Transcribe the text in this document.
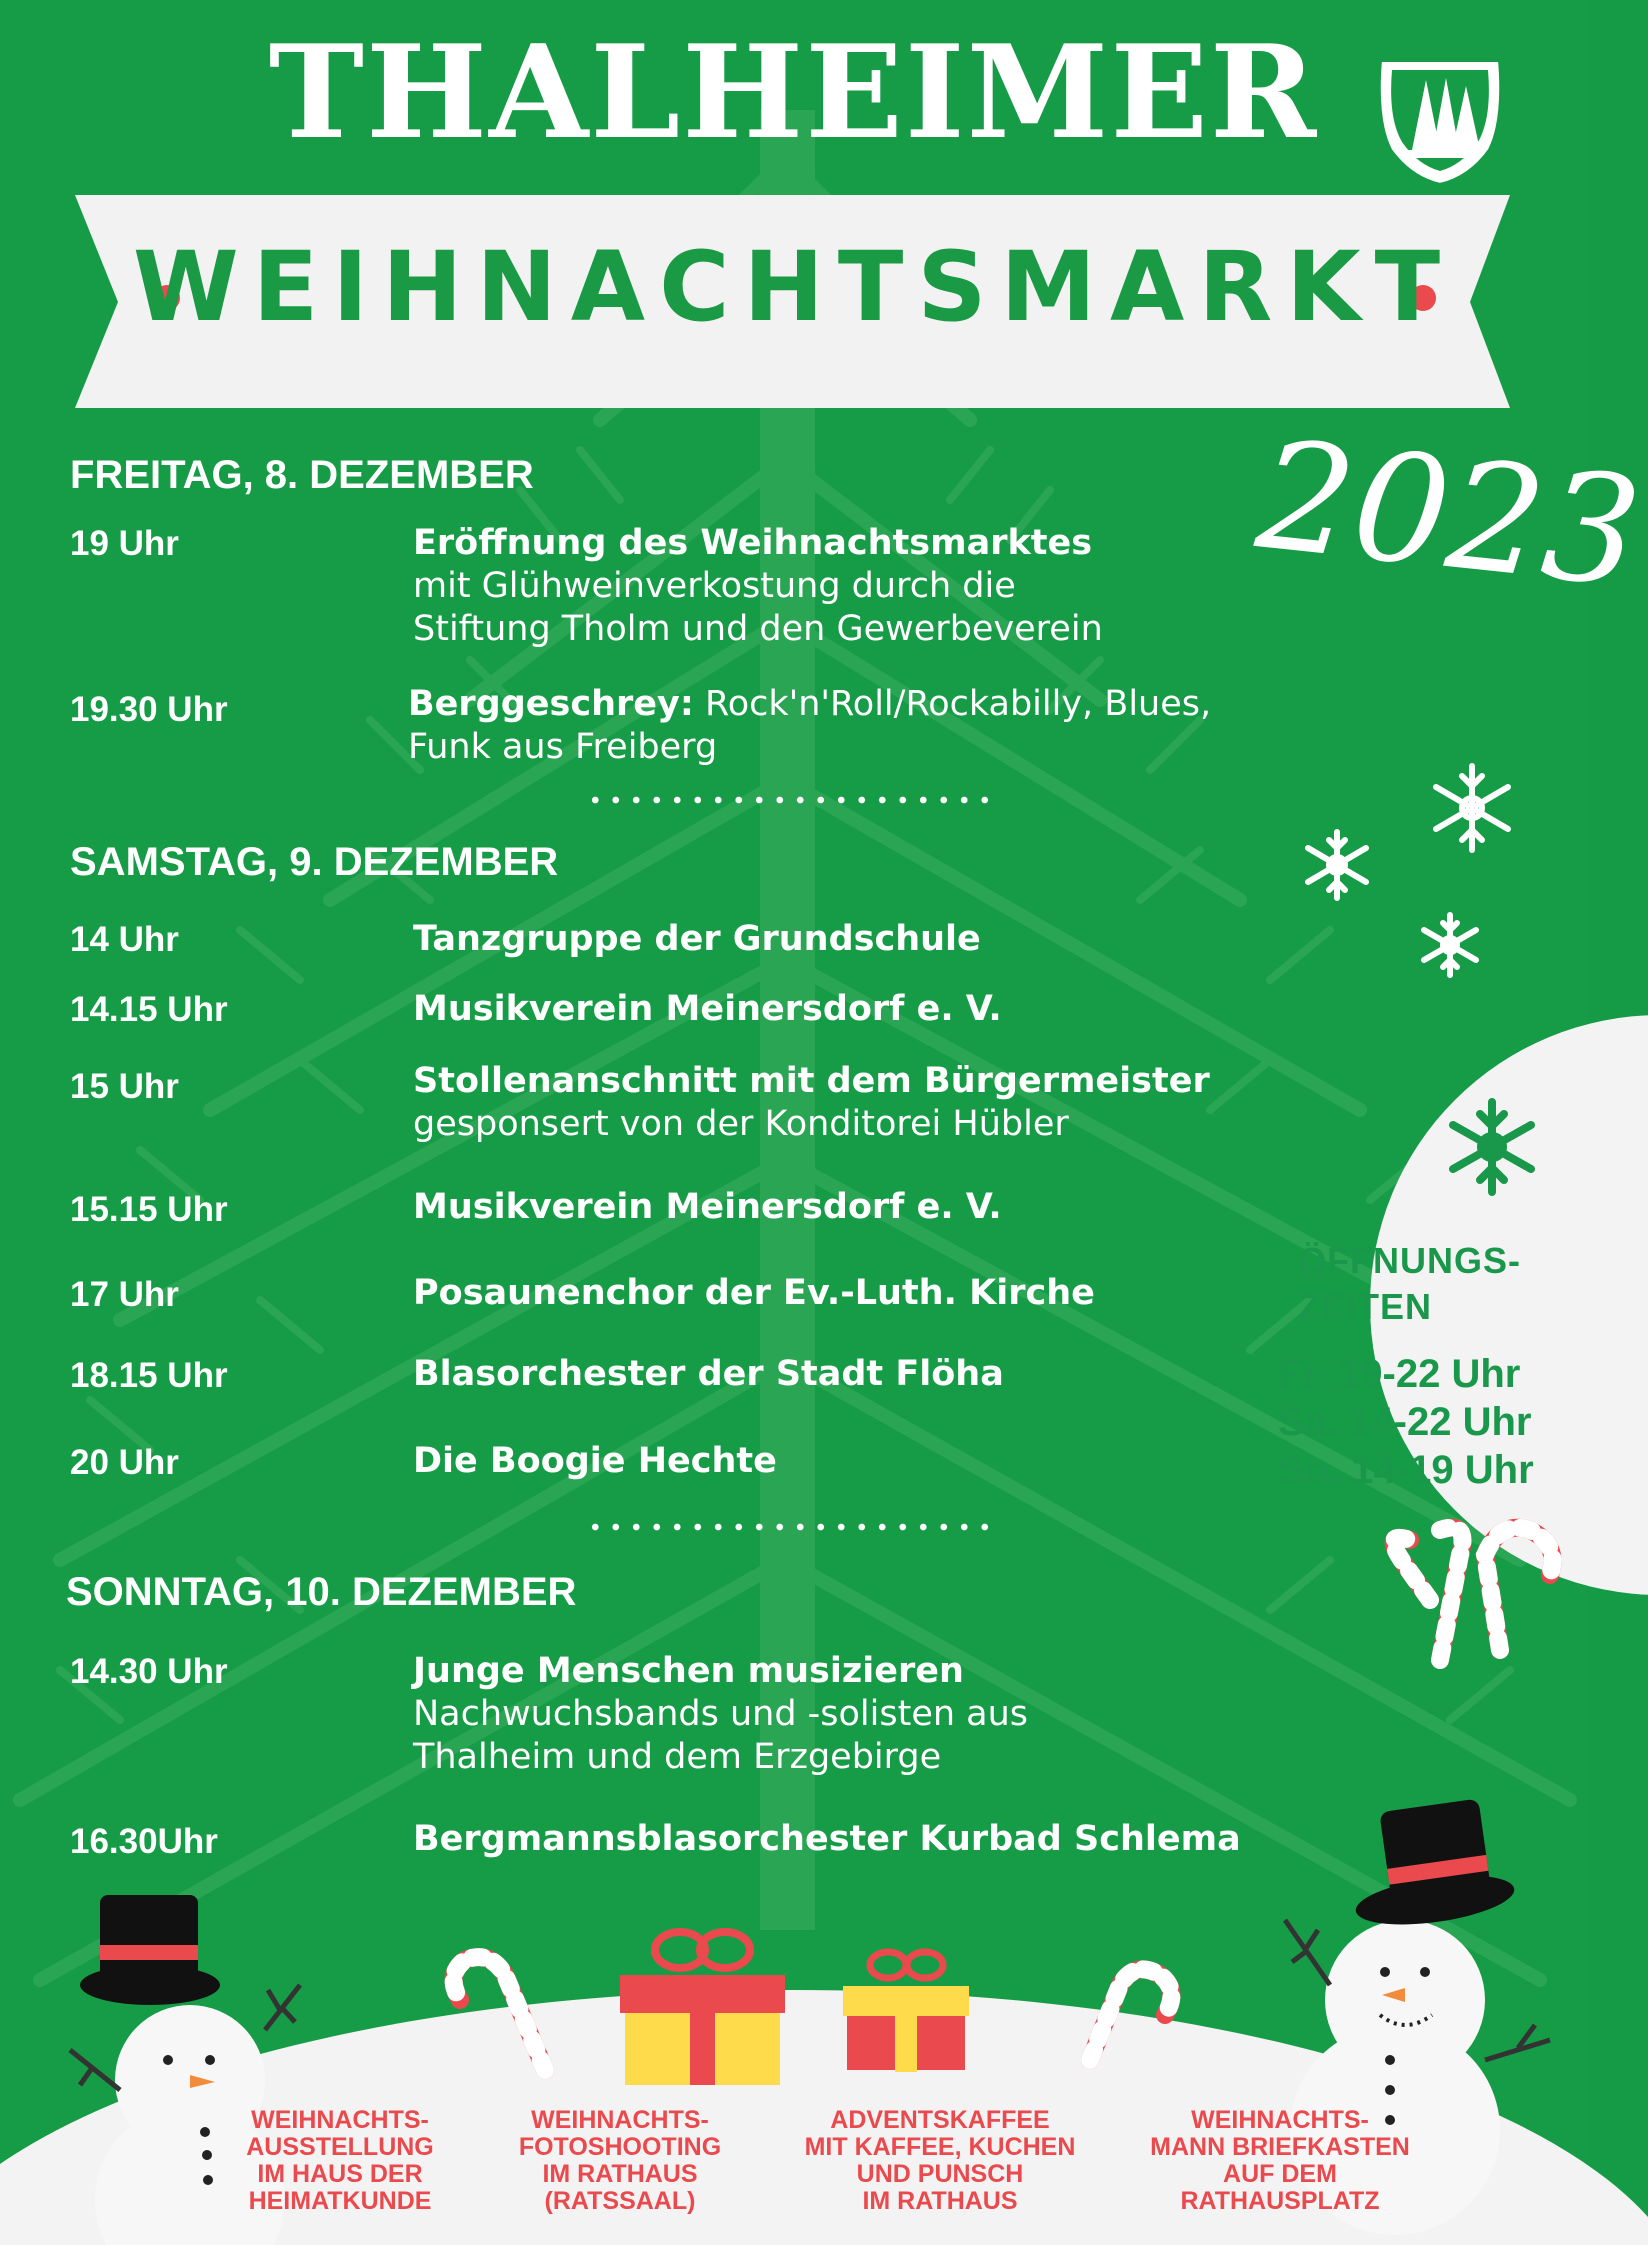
THALHEIMER
WEIHNACHTSMARKT
2023
FREITAG, 8. DEZEMBER
19 Uhr	Eröffnung des Weihnachtsmarktes
mit Glühweinverkostung durch die
Stiftung Tholm und den Gewerbeverein
19.30 Uhr	Berggeschrey: Rock'n'Roll/Rockabilly, Blues,
Funk aus Freiberg
SAMSTAG, 9. DEZEMBER
14 Uhr	Tanzgruppe der Grundschule
14.15 Uhr	Musikverein Meinersdorf e. V.
15 Uhr	Stollenanschnitt mit dem Bürgermeister
gesponsert von der Konditorei Hübler
15.15 Uhr	Musikverein Meinersdorf e. V.
17 Uhr	Posaunenchor der Ev.-Luth. Kirche
18.15 Uhr	Blasorchester der Stadt Flöha
20 Uhr	Die Boogie Hechte
SONNTAG, 10. DEZEMBER
14.30 Uhr	Junge Menschen musizieren
Nachwuchsbands und -solisten aus
Thalheim und dem Erzgebirge
16.30Uhr	Bergmannsblasorchester Kurbad Schlema
ÖFFNUNGS-
ZEITEN
Fr. 19-22 Uhr
Sa. 14-22 Uhr
So. 14-19 Uhr
WEIHNACHTS-
AUSSTELLUNG
IM HAUS DER
HEIMATKUNDE
WEIHNACHTS-
FOTOSHOOTING
IM RATHAUS
(RATSSAAL)
ADVENTSKAFFEE
MIT KAFFEE, KUCHEN
UND PUNSCH
IM RATHAUS
WEIHNACHTS-
MANN BRIEFKASTEN
AUF DEM
RATHAUSPLATZ
